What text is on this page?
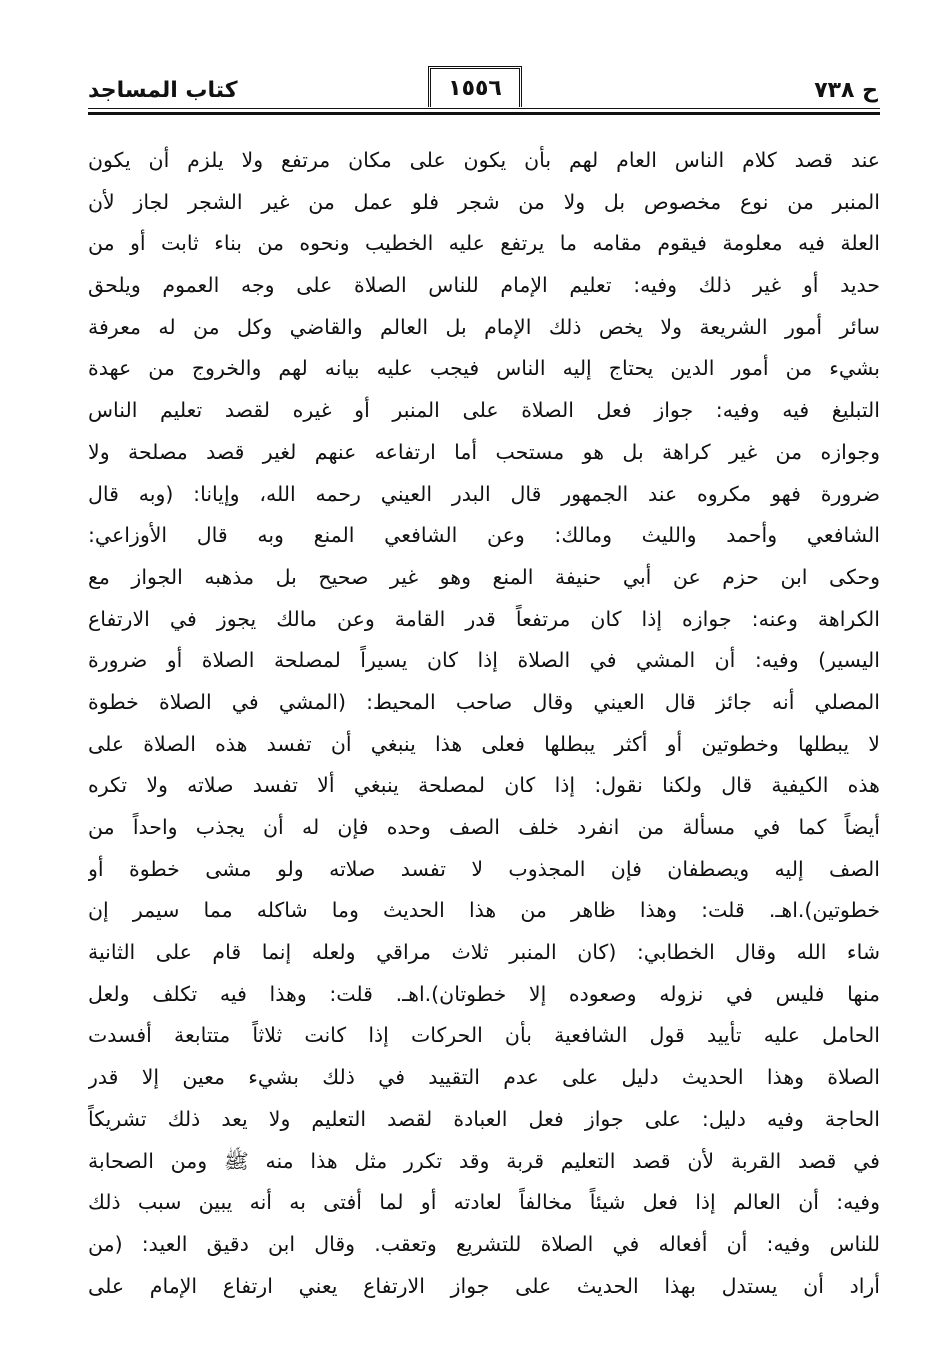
ح ٧٣٨
١٥٥٦
كتاب المساجد
عند قصد كلام الناس العام لهم بأن يكون على مكان مرتفع ولا يلزم أن يكون
المنبر من نوع مخصوص بل ولا من شجر فلو عمل من غير الشجر لجاز لأن
العلة فيه معلومة فيقوم مقامه ما يرتفع عليه الخطيب ونحوه من بناء ثابت أو من
حديد أو غير ذلك وفيه: تعليم الإمام للناس الصلاة على وجه العموم ويلحق
سائر أمور الشريعة ولا يخص ذلك الإمام بل العالم والقاضي وكل من له معرفة
بشيء من أمور الدين يحتاج إليه الناس فيجب عليه بيانه لهم والخروج من عهدة
التبليغ فيه وفيه: جواز فعل الصلاة على المنبر أو غيره لقصد تعليم الناس
وجوازه من غير كراهة بل هو مستحب أما ارتفاعه عنهم لغير قصد مصلحة ولا
ضرورة فهو مكروه عند الجمهور قال البدر العيني رحمه الله، وإيانا: (وبه قال
الشافعي وأحمد والليث ومالك: وعن الشافعي المنع وبه قال الأوزاعي:
وحكى ابن حزم عن أبي حنيفة المنع وهو غير صحيح بل مذهبه الجواز مع
الكراهة وعنه: جوازه إذا كان مرتفعاً قدر القامة وعن مالك يجوز في الارتفاع
اليسير) وفيه: أن المشي في الصلاة إذا كان يسيراً لمصلحة الصلاة أو ضرورة
المصلي أنه جائز قال العيني وقال صاحب المحيط: (المشي في الصلاة خطوة
لا يبطلها وخطوتين أو أكثر يبطلها فعلى هذا ينبغي أن تفسد هذه الصلاة على
هذه الكيفية قال ولكنا نقول: إذا كان لمصلحة ينبغي ألا تفسد صلاته ولا تكره
أيضاً كما في مسألة من انفرد خلف الصف وحده فإن له أن يجذب واحداً من
الصف إليه ويصطفان فإن المجذوب لا تفسد صلاته ولو مشى خطوة أو
خطوتين).اهـ. قلت: وهذا ظاهر من هذا الحديث وما شاكله مما سيمر إن
شاء الله وقال الخطابي: (كان المنبر ثلاث مراقي ولعله إنما قام على الثانية
منها فليس في نزوله وصعوده إلا خطوتان).اهـ. قلت: وهذا فيه تكلف ولعل
الحامل عليه تأييد قول الشافعية بأن الحركات إذا كانت ثلاثاً متتابعة أفسدت
الصلاة وهذا الحديث دليل على عدم التقييد في ذلك بشيء معين إلا قدر
الحاجة وفيه دليل: على جواز فعل العبادة لقصد التعليم ولا يعد ذلك تشريكاً
في قصد القربة لأن قصد التعليم قربة وقد تكرر مثل هذا منه ﷺ ومن الصحابة
وفيه: أن العالم إذا فعل شيئاً مخالفاً لعادته أو لما أفتى به أنه يبين سبب ذلك
للناس وفيه: أن أفعاله في الصلاة للتشريع وتعقب. وقال ابن دقيق العيد: (من
أراد أن يستدل بهذا الحديث على جواز الارتفاع يعني ارتفاع الإمام على
